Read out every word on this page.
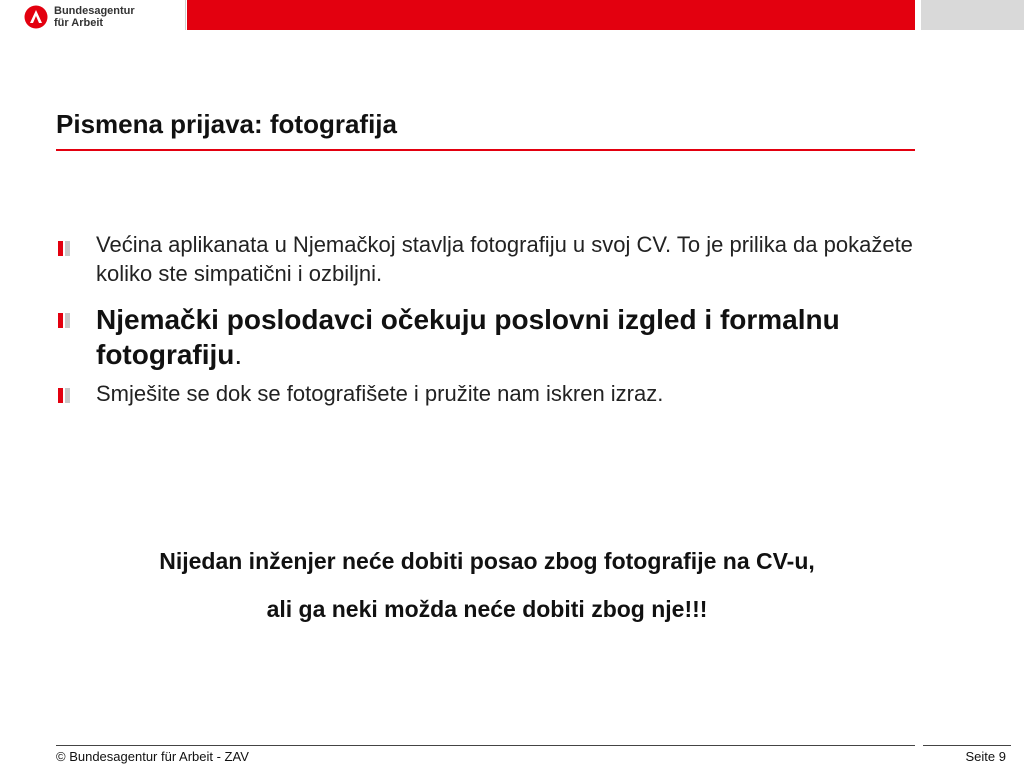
Bundesagentur
für Arbeit
Pismena prijava: fotografija
Većina aplikanata u Njemačkoj stavlja fotografiju u svoj CV. To je prilika da pokažete koliko ste simpatični i ozbiljni.
Njemački poslodavci očekuju poslovni izgled i formalnu fotografiju.
Smješite se dok se fotografišete i pružite nam iskren izraz.
Nijedan inženjer neće dobiti posao zbog fotografije na CV-u,
ali ga neki možda neće dobiti zbog nje!!!
© Bundesagentur für Arbeit - ZAV	Seite 9
